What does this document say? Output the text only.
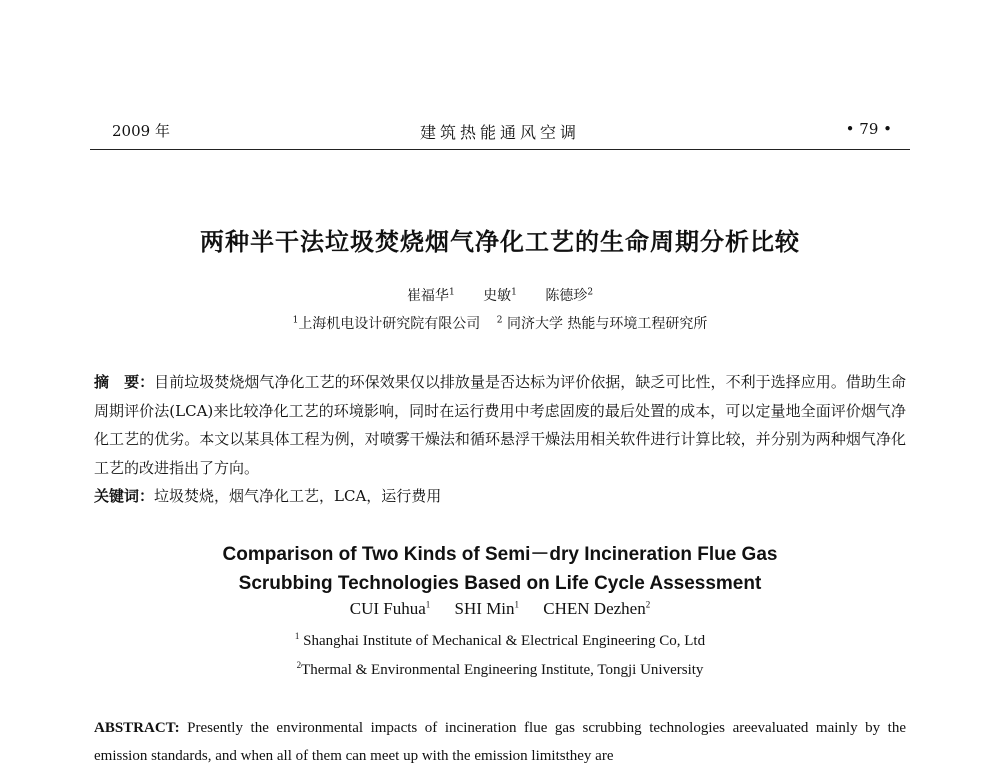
2009 年	建筑热能通风空调	• 79 •
两种半干法垃圾焚烧烟气净化工艺的生命周期分析比较
崔福华$^1$ 史敏$^1$ 陈德珍$^2$
$^1$上海机电设计研究院有限公司 $^2$ 同济大学 热能与环境工程研究所
摘　要：目前垃圾焚烧烟气净化工艺的环保效果仅以排放量是否达标为评价依据，缺乏可比性，不利于选择应用。借助生命周期评价法(LCA)来比较净化工艺的环境影响，同时在运行费用中考虑固废的最后处置的成本，可以定量地全面评价烟气净化工艺的优劣。本文以某具体工程为例，对喷雾干燥法和循环悬浮干燥法用相关软件进行计算比较，并分别为两种烟气净化工艺的改进指出了方向。
关键词：垃圾焚烧，烟气净化工艺，LCA，运行费用
Comparison of Two Kinds of Semi－dry Incineration Flue Gas
Scrubbing Technologies Based on Life Cycle Assessment
CUI Fuhua$^1$ SHI Min$^1$ CHEN Dezhen$^2$
$^1$ Shanghai Institute of Mechanical & Electrical Engineering Co, Ltd
$^2$Thermal & Environmental Engineering Institute, Tongji University
ABSTRACT: Presently the environmental impacts of incineration flue gas scrubbing technologies areevaluated mainly by the emission standards, and when all of them can meet up with the emission limitsthey are
